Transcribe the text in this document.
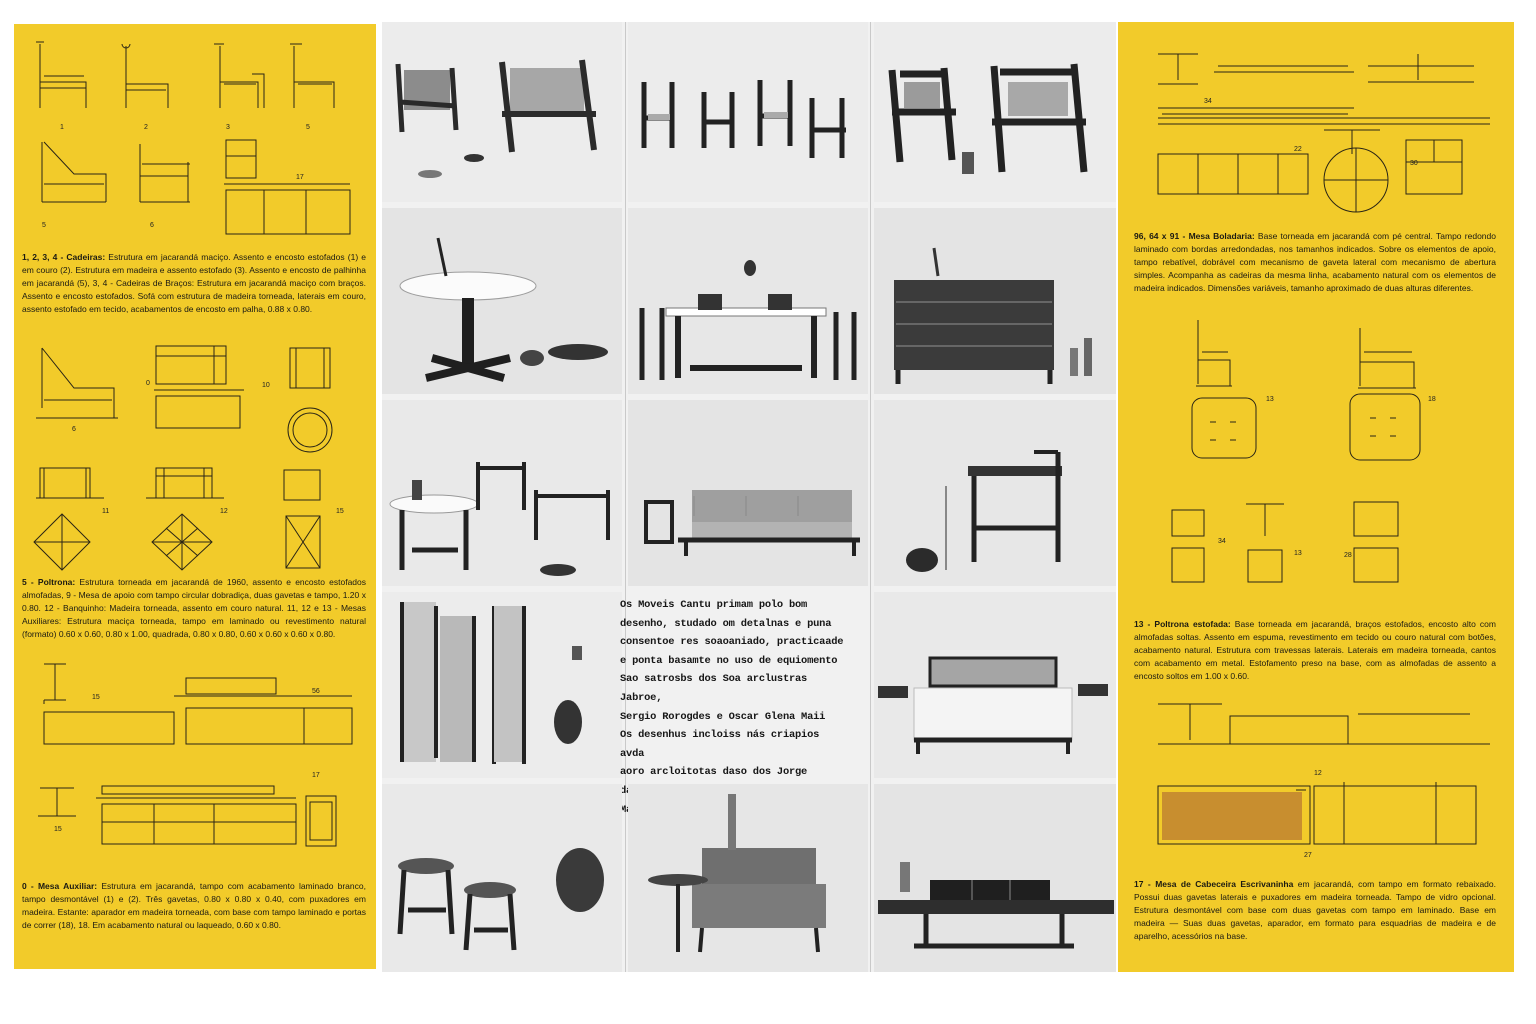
1	2	3	5
5	6
17

1, 2, 3, 4 - Cadeiras: Estrutura em jacarandá maciço. Assento e encosto estofados (1) e em couro (2). Estrutura em madeira e assento estofado (3). Assento e encosto de palhinha em jacarandá (5), 3, 4 - Cadeiras de Braços: Estrutura em jacarandá maciço com braços. Assento e encosto estofados. Sofá com estrutura de madeira torneada, laterais em couro, assento estofado em tecido, acabamentos de encosto em palha, 0.88 x 0.80.

6
0	10
11	12	15

5 - Poltrona: Estrutura torneada em jacarandá de 1960, assento e encosto estofados almofadas, 9 - Mesa de apoio com tampo circular dobradiça, duas gavetas e tampo, 1.20 x 0.80. 12 - Banquinho: Madeira torneada, assento em couro natural. 11, 12 e 13 - Mesas Auxiliares: Estrutura maciça torneada, tampo em laminado ou revestimento natural (formato) 0.60 x 0.60, 0.80 x 1.00, quadrada, 0.80 x 0.80, 0.60 x 0.60 x 0.60 x 0.80.

15
56
17
15

0 - Mesa Auxiliar: Estrutura em jacarandá, tampo com acabamento laminado branco, tampo desmontável (1) e (2). Três gavetas, 0.80 x 0.80 x 0.40, com puxadores em madeira. Estante: aparador em madeira torneada, com base com tampo laminado e portas de correr (18), 18. Em acabamento natural ou laqueado, 0.60 x 0.80.

Os Moveis Cantu primam polo bom

desenho, studado om detalnas e puna

consentoe res soaoaniado, practicaade

e ponta basamte no uso de equiomento

Sao satrosbs dos Soa arclustras Jabroe,

Sergio Rorogdes e Oscar Glena Maii

Os desenhus incloiss nás criapios avda

aoro arcloitotas daso dos Jorge

34
22
30

96, 64 x 91 - Mesa Boladaria: Base torneada em jacarandá com pé central. Tampo redondo laminado com bordas arredondadas, nos tamanhos indicados. Sobre os elementos de apoio, tampo rebatível, dobrável com mecanismo de gaveta lateral com mecanismo de abertura simples. Acompanha as cadeiras da mesma linha, acabamento natural com os elementos de madeira indicados. Dimensões variáveis, tamanho aproximado de duas alturas diferentes.

13	18
34
13	28

13 - Poltrona estofada: Base torneada em jacarandá, braços estofados, encosto alto com almofadas soltas. Assento em espuma, revestimento em tecido ou couro natural com botões, acabamento natural. Estrutura com travessas laterais. Laterais em madeira torneada, cantos com acabamento em metal. Estofamento preso na base, com as almofadas de assento a encosto soltos em 1.00 x 0.60.

12
27

17 - Mesa de Cabeceira Escrivaninha em jacarandá, com tampo em formato rebaixado. Possui duas gavetas laterais e puxadores em madeira torneada. Tampo de vidro opcional. Estrutura desmontável com base com duas gavetas com tampo em laminado. Base em madeira — Suas duas gavetas, aparador, em formato para esquadrias de madeira e de aparelho, acessórios na base.
